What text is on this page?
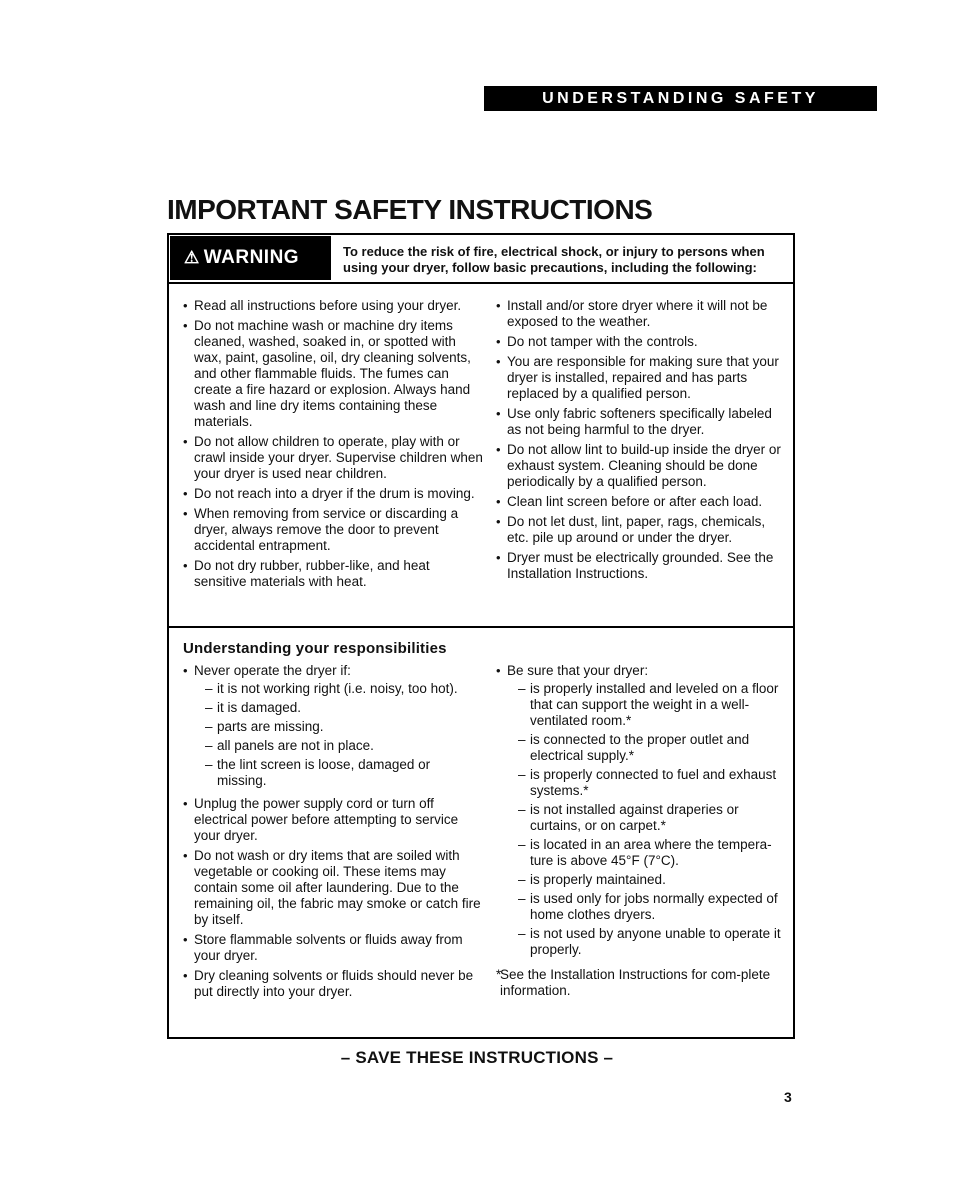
UNDERSTANDING SAFETY
IMPORTANT SAFETY INSTRUCTIONS
⚠ WARNING	To reduce the risk of fire, electrical shock, or injury to persons when using your dryer, follow basic precautions, including the following:
• Read all instructions before using your dryer.
• Do not machine wash or machine dry items cleaned, washed, soaked in, or spotted with wax, paint, gasoline, oil, dry cleaning solvents, and other flammable fluids. The fumes can create a fire hazard or explosion. Always hand wash and line dry items containing these materials.
• Do not allow children to operate, play with or crawl inside your dryer. Supervise children when your dryer is used near children.
• Do not reach into a dryer if the drum is moving.
• When removing from service or discarding a dryer, always remove the door to prevent accidental entrapment.
• Do not dry rubber, rubber-like, and heat sensitive materials with heat.
• Install and/or store dryer where it will not be exposed to the weather.
• Do not tamper with the controls.
• You are responsible for making sure that your dryer is installed, repaired and has parts replaced by a qualified person.
• Use only fabric softeners specifically labeled as not being harmful to the dryer.
• Do not allow lint to build-up inside the dryer or exhaust system. Cleaning should be done periodically by a qualified person.
• Clean lint screen before or after each load.
• Do not let dust, lint, paper, rags, chemicals, etc. pile up around or under the dryer.
• Dryer must be electrically grounded. See the Installation Instructions.
Understanding your responsibilities
• Never operate the dryer if:
– it is not working right (i.e. noisy, too hot).
– it is damaged.
– parts are missing.
– all panels are not in place.
– the lint screen is loose, damaged or missing.
• Unplug the power supply cord or turn off electrical power before attempting to service your dryer.
• Do not wash or dry items that are soiled with vegetable or cooking oil. These items may contain some oil after laundering. Due to the remaining oil, the fabric may smoke or catch fire by itself.
• Store flammable solvents or fluids away from your dryer.
• Dry cleaning solvents or fluids should never be put directly into your dryer.
• Be sure that your dryer:
– is properly installed and leveled on a floor that can support the weight in a well-ventilated room.*
– is connected to the proper outlet and electrical supply.*
– is properly connected to fuel and exhaust systems.*
– is not installed against draperies or curtains, or on carpet.*
– is located in an area where the tempera-ture is above 45°F (7°C).
– is properly maintained.
– is used only for jobs normally expected of home clothes dryers.
– is not used by anyone unable to operate it properly.
*
See the Installation Instructions for com-plete information.
– SAVE THESE INSTRUCTIONS –
3
